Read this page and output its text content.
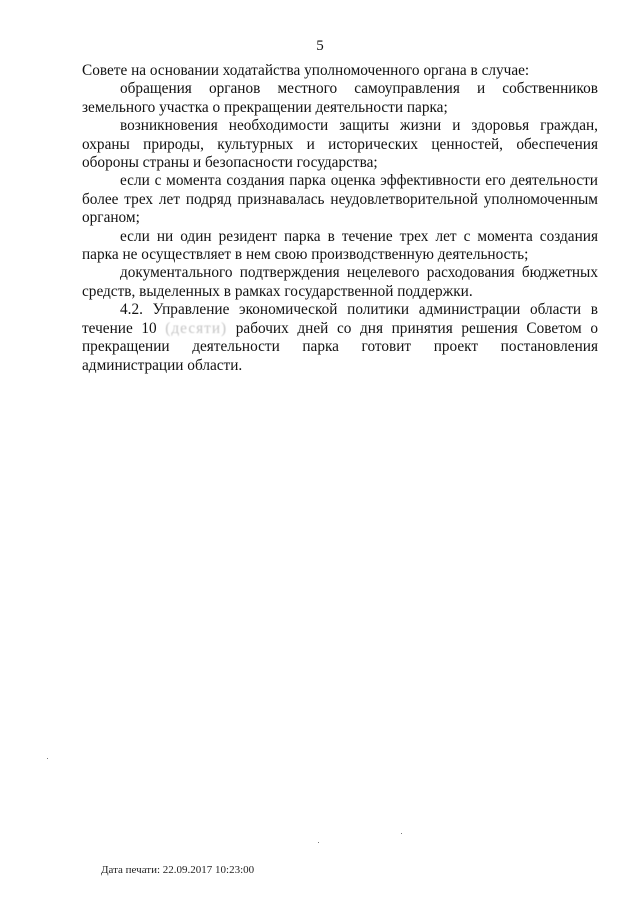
5

Совете на основании ходатайства уполномоченного органа в случае:

обращения органов местного самоуправления и собственников земельного участка о прекращении деятельности парка;

возникновения необходимости защиты жизни и здоровья граждан, охраны природы, культурных и исторических ценностей, обеспечения обороны страны и безопасности государства;

если с момента создания парка оценка эффективности его деятельности более трех лет подряд признавалась неудовлетворительной уполномоченным органом;

если ни один резидент парка в течение трех лет с момента создания парка не осуществляет в нем свою производственную деятельность;

документального подтверждения нецелевого расходования бюджетных средств, выделенных в рамках государственной поддержки.

4.2. Управление экономической политики администрации области в течение 10 (десяти) рабочих дней со дня принятия решения Советом о прекращении деятельности парка готовит проект постановления администрации области.

Дата печати: 22.09.2017 10:23:00
